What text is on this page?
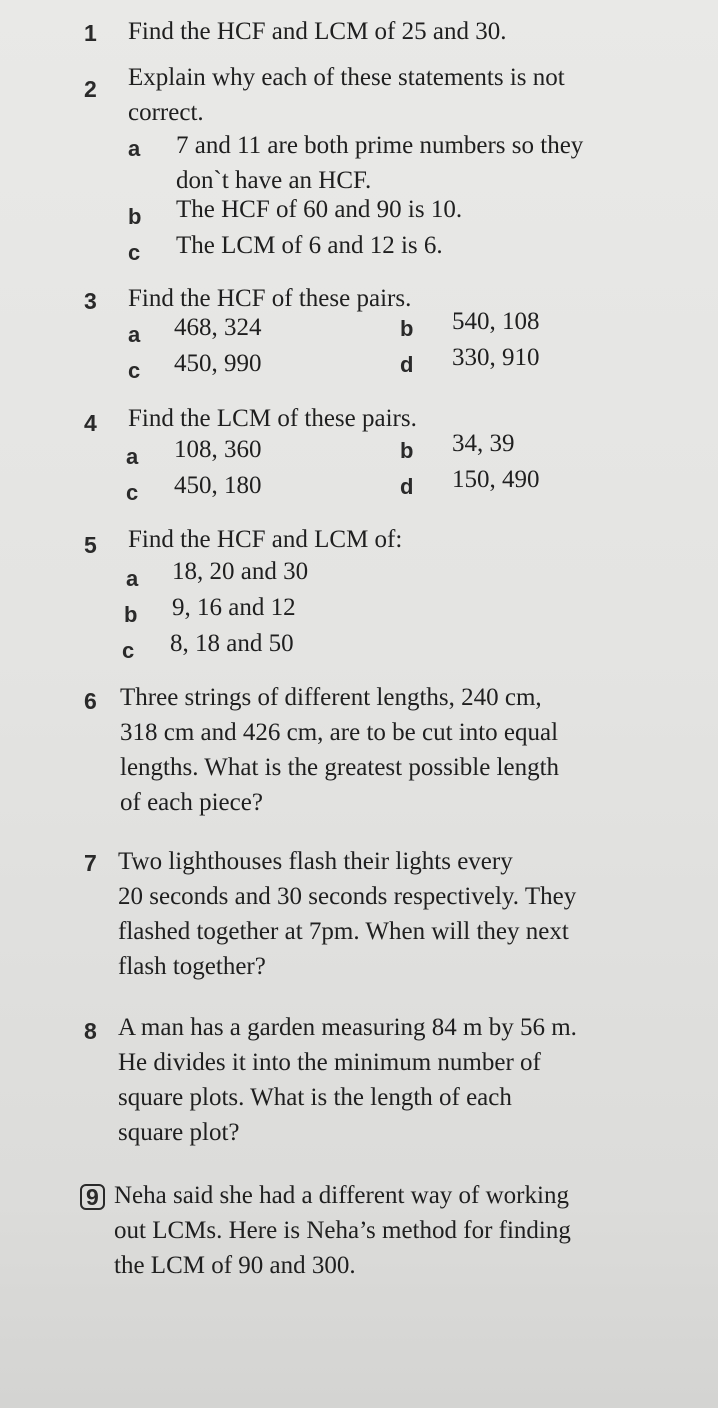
1 Find the HCF and LCM of 25 and 30.
2 Explain why each of these statements is not
correct.
a 7 and 11 are both prime numbers so they
don`t have an HCF.
b The HCF of 60 and 90 is 10.
c The LCM of 6 and 12 is 6.
3 Find the HCF of these pairs.
a 468, 324	b 540, 108
c 450, 990	d 330, 910
4 Find the LCM of these pairs.
a 108, 360	b 34, 39
c 450, 180	d 150, 490
5 Find the HCF and LCM of:
a 18, 20 and 30
b 9, 16 and 12
c 8, 18 and 50
6 Three strings of different lengths, 240 cm,
318 cm and 426 cm, are to be cut into equal
lengths. What is the greatest possible length
of each piece?
7 Two lighthouses flash their lights every
20 seconds and 30 seconds respectively. They
flashed together at 7pm. When will they next
flash together?
8 A man has a garden measuring 84 m by 56 m.
He divides it into the minimum number of
square plots. What is the length of each
square plot?
9 Neha said she had a different way of working
out LCMs. Here is Neha’s method for finding
the LCM of 90 and 300.
